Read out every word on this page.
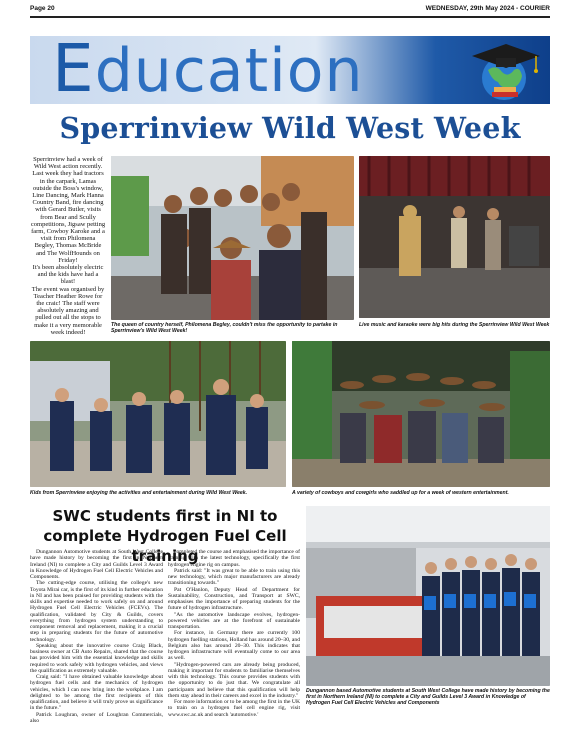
Page 20	WEDNESDAY, 29th May 2024 - COURIER
Education
Sperrinview Wild West Week

Sperrinview had a week of Wild West action recently.

Last week they had tractors in the carpark, Lamas outside the Boss's window, Line Dancing, Mark Hanna Country Band, fire dancing with Gerard Butler, visits from Bear and Scully competitions, Jigsaw petting farm, Cowboy Karoke and a visit from Philomena Begley, Thomas McBride and The WolfHounds on Friday!

It's been absolutely electric and the kids have had a blast!

The event was organised by Teacher Heather Rowe for the craic! The staff were absolutely amazing and pulled out all the stops to make it a very memorable week indeed!

The queen of country herself, Philomena Begley, couldn't miss the opportunity to partake in Sperrinview's Wild West Week!
Live music and karaoke were big hits during the Sperrinview Wild West Week
Kids from Sperrinview enjoying the activities and entertainment during Wild West Week.	A variety of cowboys and cowgirls who saddled up for a week of western entertainment.
SWC students first in NI to complete Hydrogen Fuel Cell training

Dungannon Automotive students at South West College have made history by becoming the first in Northern Ireland (NI) to complete a City and Guilds Level 3 Award in Knowledge of Hydrogen Fuel Cell Electric Vehicles and Components.

The cutting-edge course, utilising the college's new Toyota Mirai car, is the first of its kind in further education in NI and has been praised for providing students with the skills and expertise needed to work safely on and around Hydrogen Fuel Cell Electric Vehicles (FCEVs). The qualification, validated by City & Guilds, covers everything from hydrogen system understanding to component removal and replacement, making it a crucial step in preparing students for the future of automotive technology.

Speaking about the innovative course Craig Black, business owner at CB Auto Repairs, shared that the course has provided him with the essential knowledge and skills required to work safely with hydrogen vehicles, and views the qualification as extremely valuable.

Craig said: "I have obtained valuable knowledge about hydrogen fuel cells and the mechanics of hydrogen vehicles, which I can now bring into the workplace. I am delighted to be among the first recipients of this qualification, and believe it will truly prove us significance in the future."

Patrick Loughran, owner of Loughran Commercials, also

completed the course and emphasised the importance of training with the latest technology, specifically the first hydrogen engine rig on campus.

Patrick said: "It was great to be able to train using this new technology, which major manufacturers are already transitioning towards."

Pat O'Hanlon, Deputy Head of Department for Sustainability, Construction, and Transport at SWC, emphasises the importance of preparing students for the future of hydrogen infrastructure.

"As the automotive landscape evolves, hydrogen-powered vehicles are at the forefront of sustainable transportation.

For instance, in Germany there are currently 100 hydrogen fuelling stations, Holland has around 20–30, and Belgium also has around 20–30. This indicates that hydrogen infrastructure will eventually come to our area as well.

"Hydrogen-powered cars are already being produced, making it important for students to familiarise themselves with this technology. This course provides students with the opportunity to do just that. We congratulate all participants and believe that this qualification will help them stay ahead in their careers and excel in the industry."

For more information or to be among the first in the UK to train on a hydrogen fuel cell engine rig, visit www.swc.ac.uk and search 'automotive.'

Dungannon based Automotive students at South West College have made history by becoming the first in Northern Ireland (NI) to complete a City and Guilds Level 3 Award in Knowledge of Hydrogen Fuel Cell Electric Vehicles and Components
